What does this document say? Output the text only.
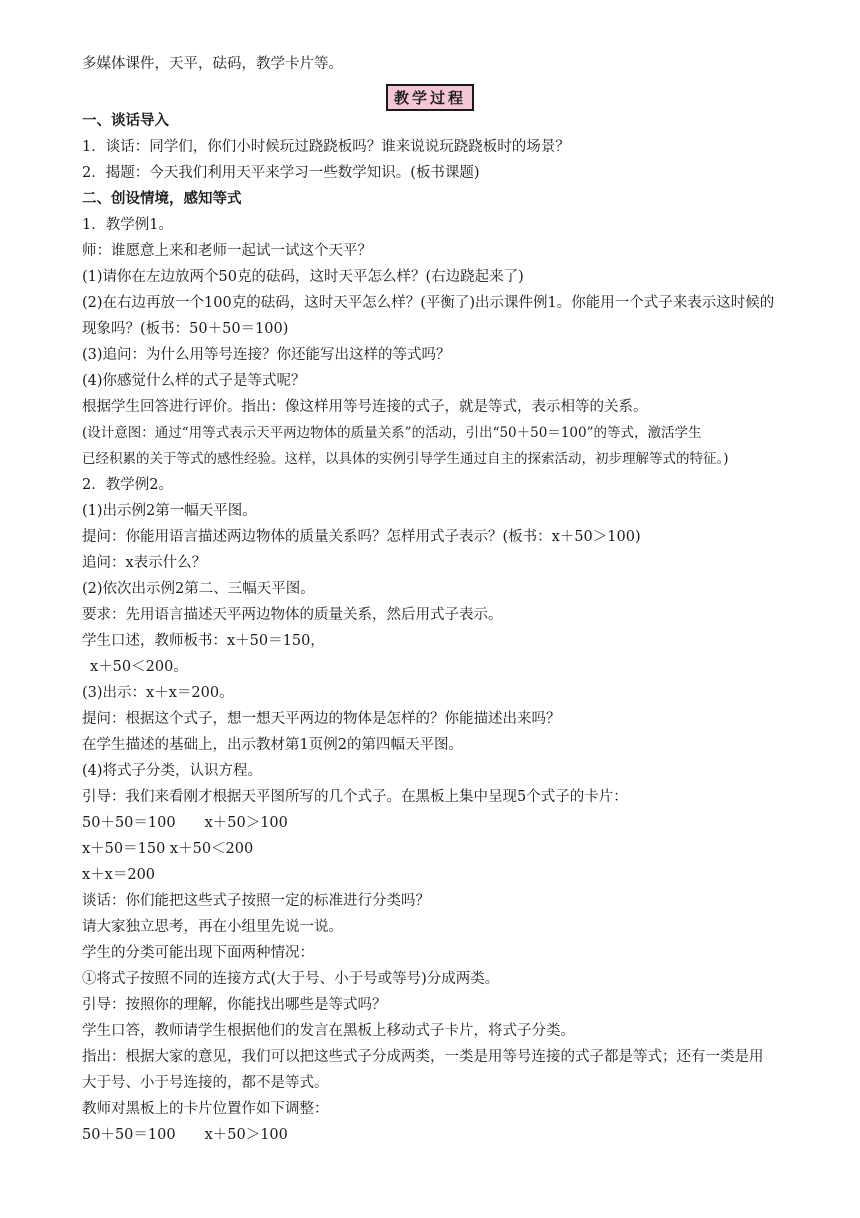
多媒体课件，天平，砝码，教学卡片等。
教学过程
一、谈话导入
1．谈话：同学们，你们小时候玩过跷跷板吗？谁来说说玩跷跷板时的场景？
2．揭题：今天我们利用天平来学习一些数学知识。(板书课题)
二、创设情境，感知等式
1．教学例1。
师：谁愿意上来和老师一起试一试这个天平？
(1)请你在左边放两个50克的砝码，这时天平怎么样？(右边跷起来了)
(2)在右边再放一个100克的砝码，这时天平怎么样？(平衡了)出示课件例1。你能用一个式子来表示这时候的
现象吗？(板书：50＋50＝100)
(3)追问：为什么用等号连接？你还能写出这样的等式吗？
(4)你感觉什么样的式子是等式呢？
根据学生回答进行评价。指出：像这样用等号连接的式子，就是等式，表示相等的关系。
(设计意图：通过“用等式表示天平两边物体的质量关系”的活动，引出“50＋50＝100”的等式，激活学生
已经积累的关于等式的感性经验。这样，以具体的实例引导学生通过自主的探索活动，初步理解等式的特征。)
2．教学例2。
(1)出示例2第一幅天平图。
提问：你能用语言描述两边物体的质量关系吗？怎样用式子表示？(板书：x＋50＞100)
追问：x表示什么？
(2)依次出示例2第二、三幅天平图。
要求：先用语言描述天平两边物体的质量关系，然后用式子表示。
学生口述，教师板书：x＋50＝150，
x＋50＜200。
(3)出示：x＋x＝200。
提问：根据这个式子，想一想天平两边的物体是怎样的？你能描述出来吗？
在学生描述的基础上，出示教材第1页例2的第四幅天平图。
(4)将式子分类，认识方程。
引导：我们来看刚才根据天平图所写的几个式子。在黑板上集中呈现5个式子的卡片：
50＋50＝100　　x＋50＞100
x＋50＝150 x＋50＜200
x＋x＝200
谈话：你们能把这些式子按照一定的标准进行分类吗？
请大家独立思考，再在小组里先说一说。
学生的分类可能出现下面两种情况：
①将式子按照不同的连接方式(大于号、小于号或等号)分成两类。
引导：按照你的理解，你能找出哪些是等式吗？
学生口答，教师请学生根据他们的发言在黑板上移动式子卡片，将式子分类。
指出：根据大家的意见，我们可以把这些式子分成两类，一类是用等号连接的式子都是等式；还有一类是用
大于号、小于号连接的，都不是等式。
教师对黑板上的卡片位置作如下调整：
50＋50＝100　　x＋50＞100
